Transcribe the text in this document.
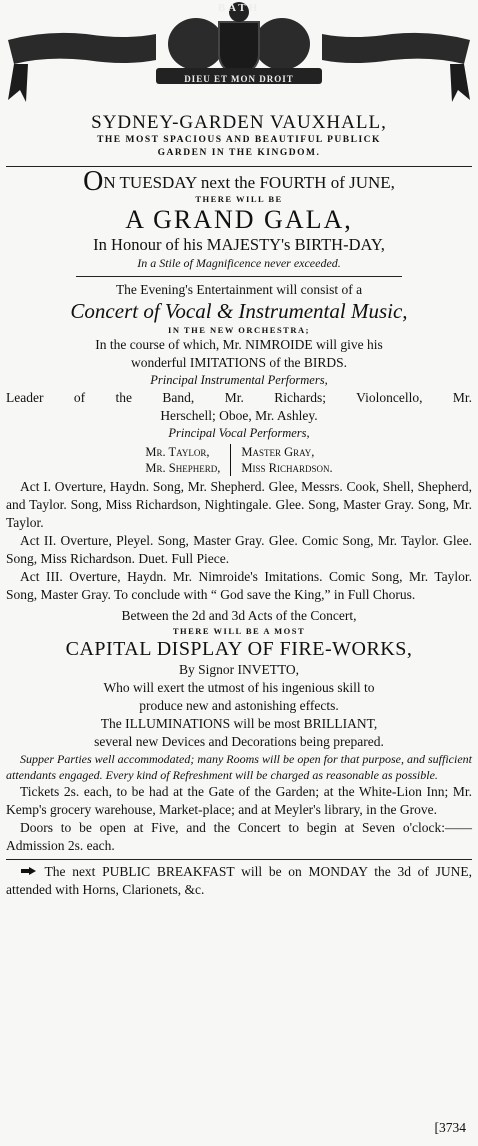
BATH
DIEU ET MON DROIT
SYDNEY-GARDEN VAUXHALL,
THE MOST SPACIOUS AND BEAUTIFUL PUBLICK
GARDEN IN THE KINGDOM.
ON TUESDAY next the FOURTH of JUNE,
THERE WILL BE
A GRAND GALA,
In Honour of his MAJESTY's BIRTH-DAY,
In a Stile of Magnificence never exceeded.
The Evening's Entertainment will consist of a
Concert of Vocal & Instrumental Music,
IN THE NEW ORCHESTRA;
In the course of which, Mr. NIMROIDE will give his
wonderful IMITATIONS of the BIRDS.
Principal Instrumental Performers,
Leader of the Band, Mr. Richards; Violoncello, Mr.
Herschell; Oboe, Mr. Ashley.
Principal Vocal Performers,
Mr. Taylor,
Mr. Shepherd,
Master Gray,
Miss Richardson.
Act I. Overture, Haydn. Song, Mr. Shepherd. Glee, Messrs. Cook, Shell, Shepherd, and Taylor. Song, Miss Richardson, Nightingale. Glee. Song, Master Gray. Song, Mr. Taylor.
Act II. Overture, Pleyel. Song, Master Gray. Glee. Comic Song, Mr. Taylor. Glee. Song, Miss Richardson. Duet. Full Piece.
Act III. Overture, Haydn. Mr. Nimroide's Imitations. Comic Song, Mr. Taylor. Song, Master Gray. To conclude with “ God save the King,” in Full Chorus.
Between the 2d and 3d Acts of the Concert,
THERE WILL BE A MOST
CAPITAL DISPLAY OF FIRE-WORKS,
By Signor INVETTO,
Who will exert the utmost of his ingenious skill to
produce new and astonishing effects.
The ILLUMINATIONS will be most BRILLIANT,
several new Devices and Decorations being prepared.
Supper Parties well accommodated; many Rooms will be open for that purpose, and sufficient attendants engaged. Every kind of Refreshment will be charged as reasonable as possible.
Tickets 2s. each, to be had at the Gate of the Garden; at the White-Lion Inn; Mr. Kemp's grocery warehouse, Market-place; and at Meyler's library, in the Grove.
Doors to be open at Five, and the Concert to begin at Seven o'clock:——Admission 2s. each.
The next PUBLIC BREAKFAST will be on MONDAY the 3d of JUNE, attended with Horns, Clarionets, &c.
[3734
